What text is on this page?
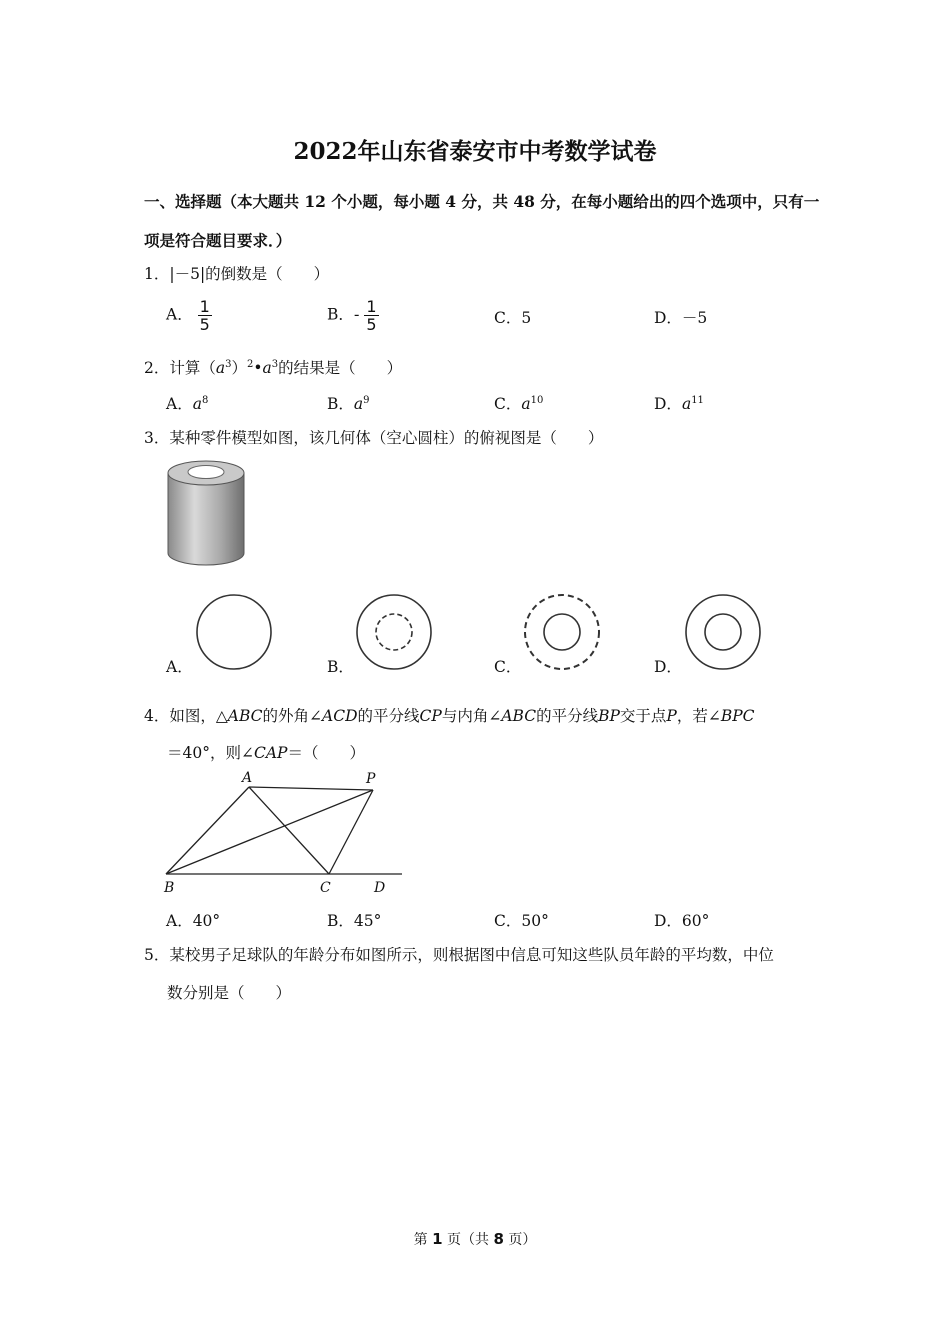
2022年山东省泰安市中考数学试卷
一、选择题（本大题共 12 个小题，每小题 4 分，共 48 分，在每小题给出的四个选项中，只有一
项是符合题目要求．）
1．|－5|的倒数是（　　）
A． $\frac{1}{5}$	B．- $\frac{1}{5}$	C．5	D．－5
2．计算$(a^3)^2•a^3$的结果是（　　）
A．$a^8$	B．$a^9$	C．$a^{10}$	D．$a^{11}$
3．某种零件模型如图，该几何体（空心圆柱）的俯视图是（　　）
A．	B．	C．	D．
4．如图，△ABC的外角∠ACD的平分线CP与内角∠ABC的平分线BP交于点P，若∠BPC
＝40°，则∠CAP＝（　　）
A	P
B	C	D
A．40°	B．45°	C．50°	D．60°
5．某校男子足球队的年龄分布如图所示，则根据图中信息可知这些队员年龄的平均数，中位
数分别是（　　）
第 1 页（共 8 页）
